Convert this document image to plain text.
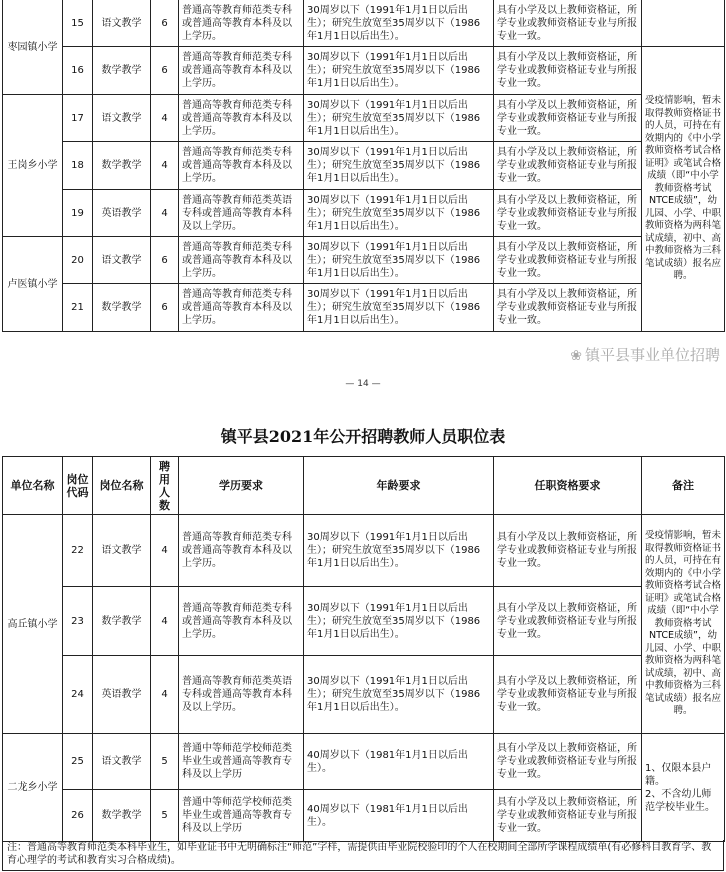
枣园镇小学	15	语文教学	6	普通高等教育师范类专科或普通高等教育本科及以上学历。	30周岁以下（1991年1月1日以后出生）；研究生放宽至35周岁以下（1986年1月1日以后出生）。	具有小学及以上教师资格证，所学专业或教师资格证专业与所报专业一致。	
	16	数学教学	6	普通高等教育师范类专科或普通高等教育本科及以上学历。	30周岁以下（1991年1月1日以后出生）；研究生放宽至35周岁以下（1986年1月1日以后出生）。	具有小学及以上教师资格证，所学专业或教师资格证专业与所报专业一致。	受疫情影响，暂未取得教师资格证书的人员，可持在有效期内的《中小学教师资格考试合格证明》或笔试合格成绩（即“中小学教师资格考试NTCE成绩”，幼儿园、小学、中职教师资格为两科笔试成绩，初中、高中教师资格为三科笔试成绩）报名应聘。
王岗乡小学	17	语文教学	4	普通高等教育师范类专科或普通高等教育本科及以上学历。	30周岁以下（1991年1月1日以后出生）；研究生放宽至35周岁以下（1986年1月1日以后出生）。	具有小学及以上教师资格证，所学专业或教师资格证专业与所报专业一致。	
	18	数学教学	4	普通高等教育师范类专科或普通高等教育本科及以上学历。	30周岁以下（1991年1月1日以后出生）；研究生放宽至35周岁以下（1986年1月1日以后出生）。	具有小学及以上教师资格证，所学专业或教师资格证专业与所报专业一致。	
	19	英语教学	4	普通高等教育师范类英语专科或普通高等教育本科及以上学历。	30周岁以下（1991年1月1日以后出生）；研究生放宽至35周岁以下（1986年1月1日以后出生）。	具有小学及以上教师资格证，所学专业或教师资格证专业与所报专业一致。	
卢医镇小学	20	语文教学	6	普通高等教育师范类专科或普通高等教育本科及以上学历。	30周岁以下（1991年1月1日以后出生）；研究生放宽至35周岁以下（1986年1月1日以后出生）。	具有小学及以上教师资格证，所学专业或教师资格证专业与所报专业一致。	
	21	数学教学	6	普通高等教育师范类专科或普通高等教育本科及以上学历。	30周岁以下（1991年1月1日以后出生）；研究生放宽至35周岁以下（1986年1月1日以后出生）。	具有小学及以上教师资格证，所学专业或教师资格证专业与所报专业一致。	
❀ 镇平县事业单位招聘
— 14 —
镇平县2021年公开招聘教师人员职位表
单位名称	岗位代码	岗位名称	聘用人数	学历要求	年龄要求	任职资格要求	备注
高丘镇小学	22	语文教学	4	普通高等教育师范类专科或普通高等教育本科及以上学历。	30周岁以下（1991年1月1日以后出生）；研究生放宽至35周岁以下（1986年1月1日以后出生）。	具有小学及以上教师资格证，所学专业或教师资格证专业与所报专业一致。	受疫情影响，暂未取得教师资格证书的人员，可持在有效期内的《中小学教师资格考试合格证明》或笔试合格成绩（即“中小学教师资格考试NTCE成绩”，幼儿园、小学、中职教师资格为两科笔试成绩，初中、高中教师资格为三科笔试成绩）报名应聘。
	23	数学教学	4	普通高等教育师范类专科或普通高等教育本科及以上学历。	30周岁以下（1991年1月1日以后出生）；研究生放宽至35周岁以下（1986年1月1日以后出生）。	具有小学及以上教师资格证，所学专业或教师资格证专业与所报专业一致。	
	24	英语教学	4	普通高等教育师范类英语专科或普通高等教育本科及以上学历。	30周岁以下（1991年1月1日以后出生）；研究生放宽至35周岁以下（1986年1月1日以后出生）。	具有小学及以上教师资格证，所学专业或教师资格证专业与所报专业一致。	
二龙乡小学	25	语文教学	5	普通中等师范学校师范类毕业生或普通高等教育专科及以上学历	40周岁以下（1981年1月1日以后出生）。	具有小学及以上教师资格证，所学专业或教师资格证专业与所报专业一致。	1、仅限本县户籍。
2、不含幼儿师范学校毕业生。
	26	数学教学	5	普通中等师范学校师范类毕业生或普通高等教育专科及以上学历	40周岁以下（1981年1月1日以后出生）。	具有小学及以上教师资格证，所学专业或教师资格证专业与所报专业一致。	
注：普通高等教育师范类本科毕业生，如毕业证书中无明确标注“师范”字样，需提供由毕业院校验印的个人在校期间全部所学课程成绩单(有必修科目教育学、教育心理学的考试和教育实习合格成绩)。
